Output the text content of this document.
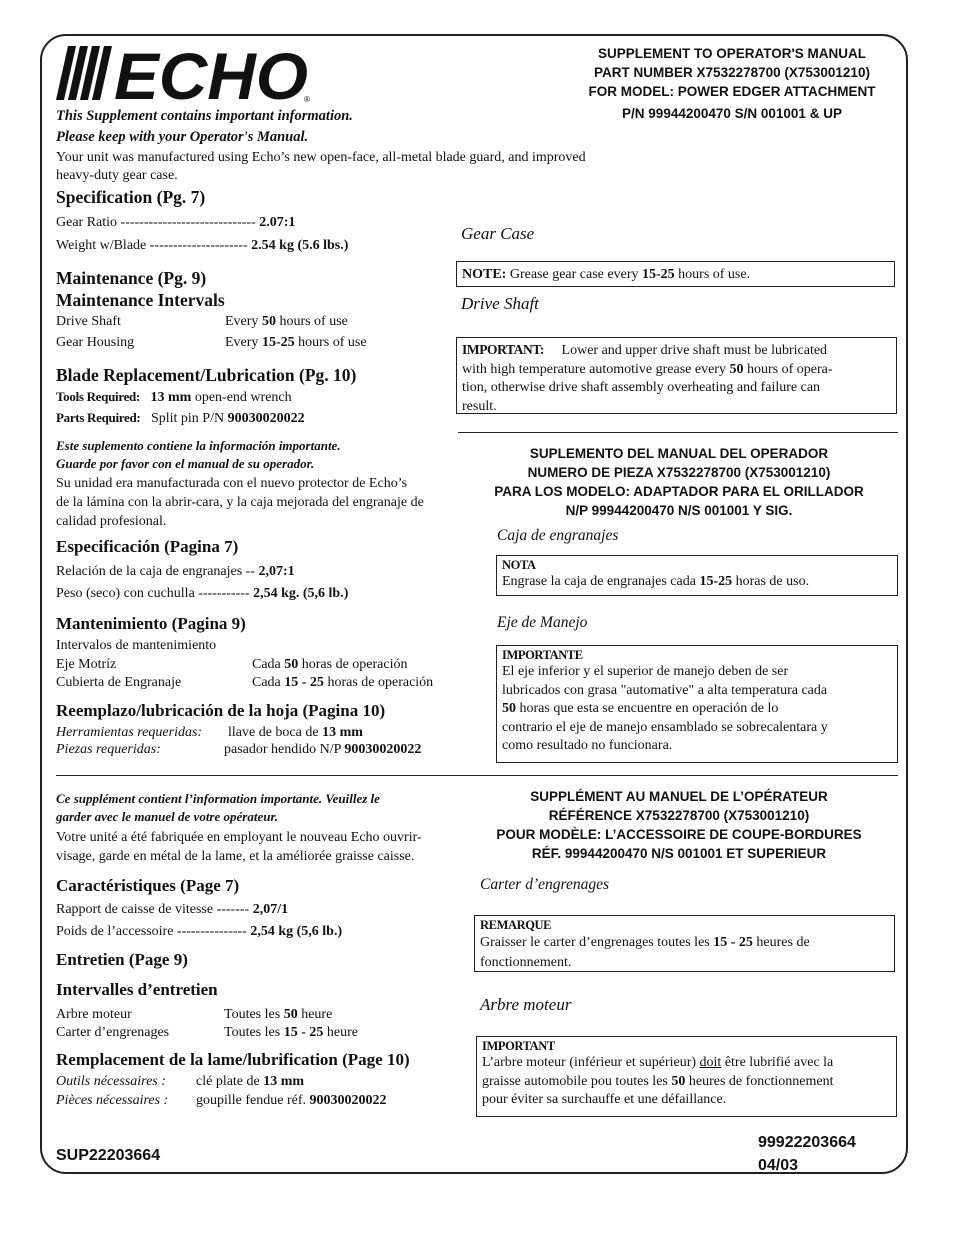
ECHO
®
SUPPLEMENT TO OPERATOR'S MANUAL
PART NUMBER X7532278700 (X753001210)
FOR MODEL: POWER EDGER ATTACHMENT
P/N 99944200470 S/N 001001 & UP
This Supplement contains important information.
Please keep with your Operator's Manual.
Your unit was manufactured using Echo’s new open-face, all-metal blade guard, and improved
heavy-duty gear case.
Specification (Pg. 7)
Gear Ratio ----------------------------- 2.07:1
Weight w/Blade --------------------- 2.54 kg (5.6 lbs.)
Maintenance (Pg. 9)
Maintenance Intervals
Drive Shaft	Every 50 hours of use
Gear Housing	Every 15-25 hours of use
Blade Replacement/Lubrication (Pg. 10)
Tools Required: 13 mm open-end wrench
Parts Required: Split pin P/N 90030020022
Gear Case
NOTE: Grease gear case every 15-25 hours of use.
Drive Shaft
IMPORTANT: Lower and upper drive shaft must be lubricated
with high temperature automotive grease every 50 hours of opera-
tion, otherwise drive shaft assembly overheating and failure can
result.
Este suplemento contiene la información importante.
Guarde por favor con el manual de su operador.
Su unidad era manufacturada con el nuevo protector de Echo’s
de la lámina con la abrir-cara, y la caja mejorada del engranaje de
calidad profesional.
SUPLEMENTO DEL MANUAL DEL OPERADOR
NUMERO DE PIEZA X7532278700 (X753001210)
PARA LOS MODELO: ADAPTADOR PARA EL ORILLADOR
N/P 99944200470 N/S 001001 Y SIG.
Especificación (Pagina 7)
Relación de la caja de engranajes -- 2,07:1
Peso (seco) con cuchulla ----------- 2,54 kg. (5,6 lb.)
Mantenimiento (Pagina 9)
Intervalos de mantenimiento
Eje Motríz	Cada 50 horas de operación
Cubierta de Engranaje	Cada 15 - 25 horas de operación
Reemplazo/lubricación de la hoja (Pagina 10)
Herramientas requeridas: llave de boca de 13 mm
Piezas requeridas:	pasador hendido N/P 90030020022
Caja de engranajes
NOTA
Engrase la caja de engranajes cada 15-25 horas de uso.
Eje de Manejo
IMPORTANTE
El eje inferior y el superior de manejo deben de ser
lubricados con grasa "automative" a alta temperatura cada
50 horas que esta se encuentre en operación de lo
contrario el eje de manejo ensamblado se sobrecalentara y
como resultado no funcionara.
Ce supplément contient l’information importante. Veuillez le
garder avec le manuel de votre opérateur.
Votre unité a été fabriquée en employant le nouveau Echo ouvrir-
visage, garde en métal de la lame, et la améliorée graisse caisse.
SUPPLÉMENT AU MANUEL DE L’OPÉRATEUR
RÉFÉRENCE X7532278700 (X753001210)
POUR MODÈLE: L’ACCESSOIRE DE COUPE-BORDURES
RÉF. 99944200470 N/S 001001 ET SUPERIEUR
Caractéristiques (Page 7)
Rapport de caisse de vitesse ------- 2,07/1
Poids de l’accessoire --------------- 2,54 kg (5,6 lb.)
Entretien (Page 9)
Intervalles d’entretien
Arbre moteur	Toutes les 50 heure
Carter d’engrenages	Toutes les 15 - 25 heure
Remplacement de la lame/lubrification (Page 10)
Outils nécessaires : clé plate de 13 mm
Pièces nécessaires : goupille fendue réf. 90030020022
Carter d’engrenages
REMARQUE
Graisser le carter d’engrenages toutes les 15 - 25 heures de
fonctionnement.
Arbre moteur
IMPORTANT
L’arbre moteur (inférieur et supérieur) doit être lubrifié avec la
graisse automobile pou toutes les 50 heures de fonctionnement
pour éviter sa surchauffe et une défaillance.
SUP22203664
99922203664
04/03
